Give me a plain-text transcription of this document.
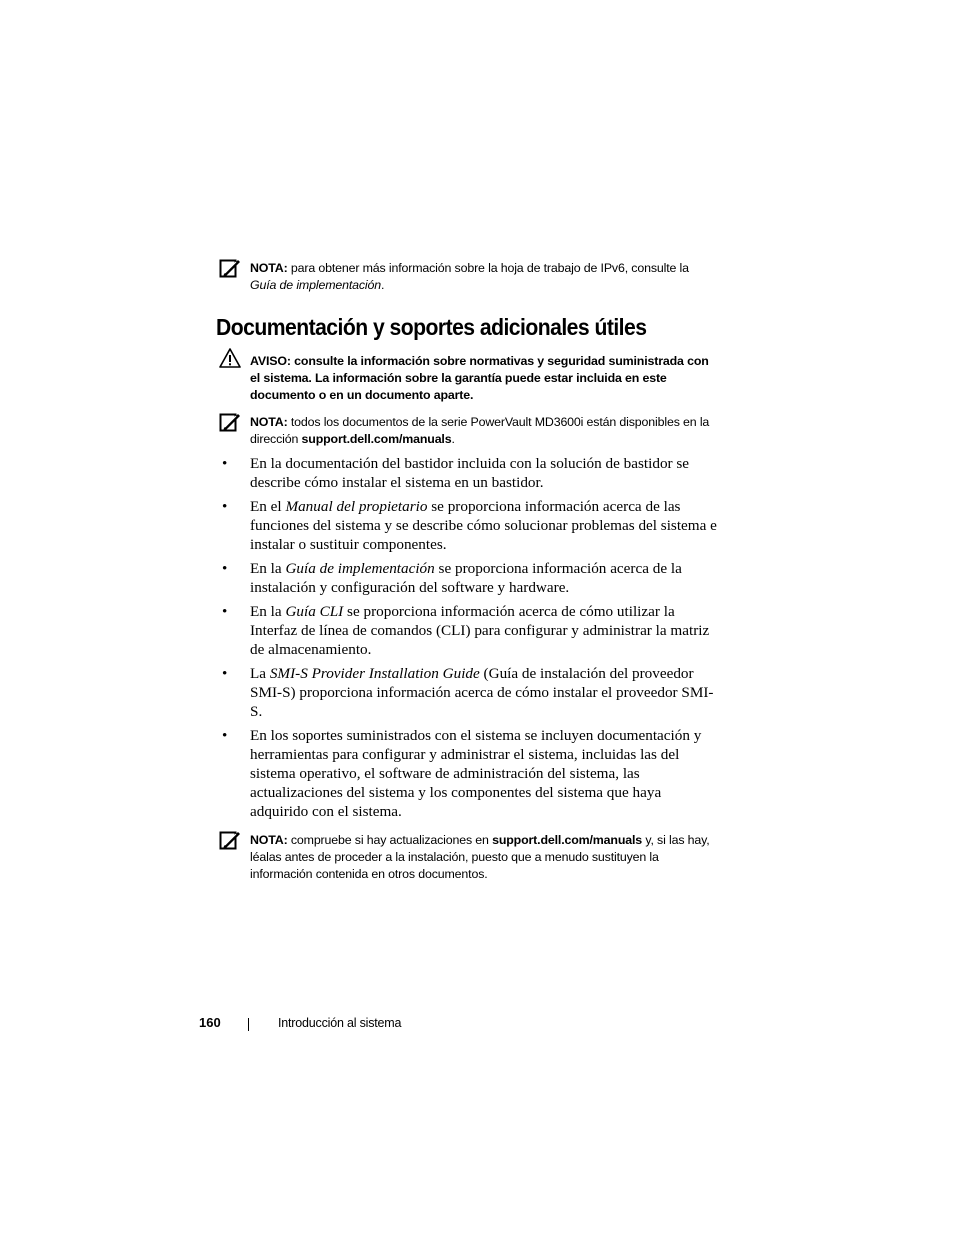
NOTA: para obtener más información sobre la hoja de trabajo de IPv6, consulte la Guía de implementación.
Documentación y soportes adicionales útiles
AVISO: consulte la información sobre normativas y seguridad suministrada con el sistema. La información sobre la garantía puede estar incluida en este documento o en un documento aparte.
NOTA: todos los documentos de la serie PowerVault MD3600i están disponibles en la dirección support.dell.com/manuals.
• En la documentación del bastidor incluida con la solución de bastidor se describe cómo instalar el sistema en un bastidor.
• En el Manual del propietario se proporciona información acerca de las funciones del sistema y se describe cómo solucionar problemas del sistema e instalar o sustituir componentes.
• En la Guía de implementación se proporciona información acerca de la instalación y configuración del software y hardware.
• En la Guía CLI se proporciona información acerca de cómo utilizar la Interfaz de línea de comandos (CLI) para configurar y administrar la matriz de almacenamiento.
• La SMI-S Provider Installation Guide (Guía de instalación del proveedor SMI-S) proporciona información acerca de cómo instalar el proveedor SMI-S.
• En los soportes suministrados con el sistema se incluyen documentación y herramientas para configurar y administrar el sistema, incluidas las del sistema operativo, el software de administración del sistema, las actualizaciones del sistema y los componentes del sistema que haya adquirido con el sistema.
NOTA: compruebe si hay actualizaciones en support.dell.com/manuals y, si las hay, léalas antes de proceder a la instalación, puesto que a menudo sustituyen la información contenida en otros documentos.
160	Introducción al sistema
